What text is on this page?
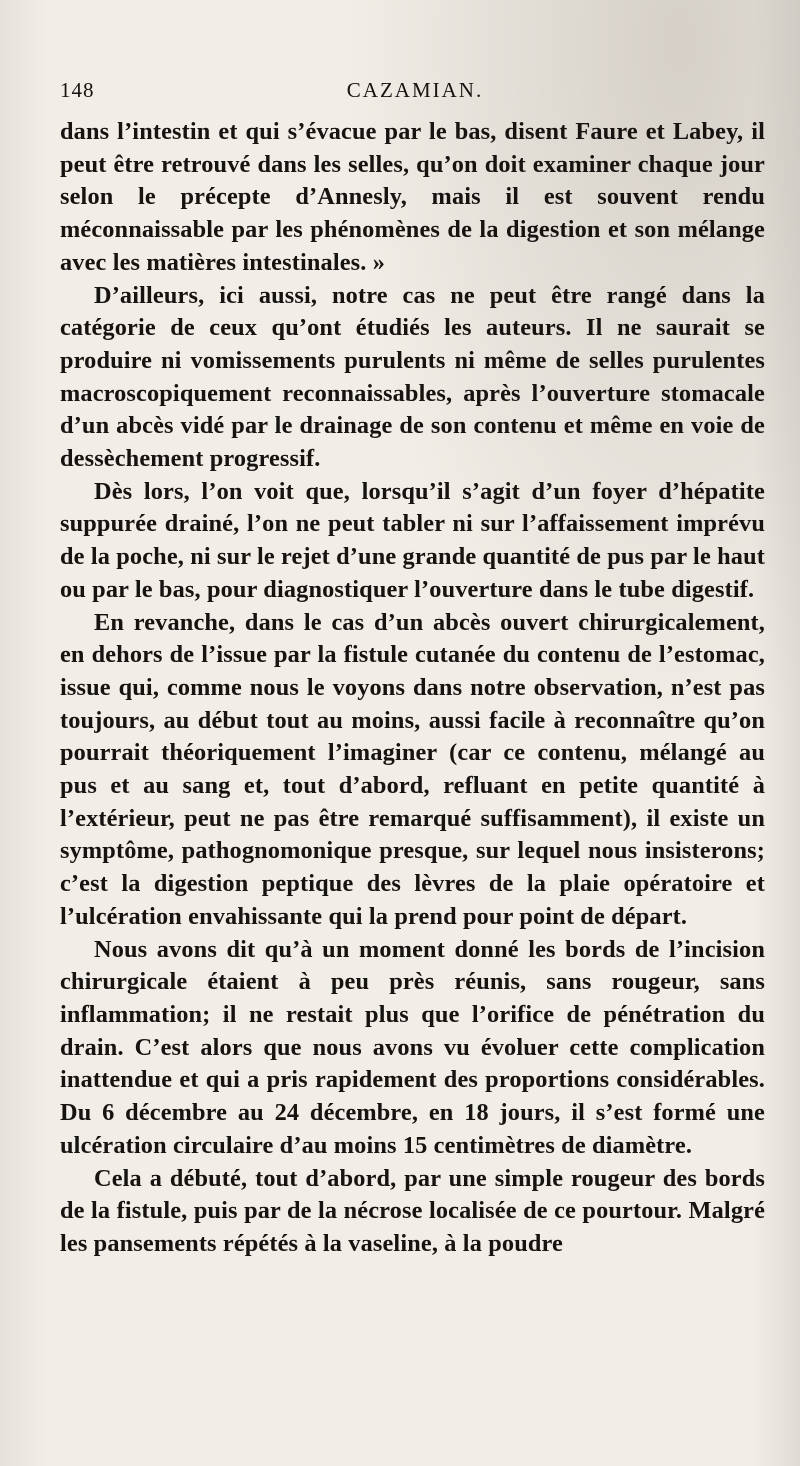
148	CAZAMIAN.

dans l’intestin et qui s’évacue par le bas, disent Faure et Labey, il peut être retrouvé dans les selles, qu’on doit examiner chaque jour selon le précepte d’Annesly, mais il est souvent rendu méconnaissable par les phénomènes de la digestion et son mélange avec les matières intestinales. »

D’ailleurs, ici aussi, notre cas ne peut être rangé dans la catégorie de ceux qu’ont étudiés les auteurs. Il ne saurait se produire ni vomissements purulents ni même de selles purulentes macroscopiquement reconnaissables, après l’ouverture stomacale d’un abcès vidé par le drainage de son contenu et même en voie de dessèchement progressif.

Dès lors, l’on voit que, lorsqu’il s’agit d’un foyer d’hépatite suppurée drainé, l’on ne peut tabler ni sur l’affaissement imprévu de la poche, ni sur le rejet d’une grande quantité de pus par le haut ou par le bas, pour diagnostiquer l’ouverture dans le tube digestif.

En revanche, dans le cas d’un abcès ouvert chirurgicalement, en dehors de l’issue par la fistule cutanée du contenu de l’estomac, issue qui, comme nous le voyons dans notre observation, n’est pas toujours, au début tout au moins, aussi facile à reconnaître qu’on pourrait théoriquement l’imaginer (car ce contenu, mélangé au pus et au sang et, tout d’abord, refluant en petite quantité à l’extérieur, peut ne pas être remarqué suffisamment), il existe un symptôme, pathognomonique presque, sur lequel nous insisterons; c’est la digestion peptique des lèvres de la plaie opératoire et l’ulcération envahissante qui la prend pour point de départ.

Nous avons dit qu’à un moment donné les bords de l’incision chirurgicale étaient à peu près réunis, sans rougeur, sans inflammation; il ne restait plus que l’orifice de pénétration du drain. C’est alors que nous avons vu évoluer cette complication inattendue et qui a pris rapidement des proportions considérables. Du 6 décembre au 24 décembre, en 18 jours, il s’est formé une ulcération circulaire d’au moins 15 centimètres de diamètre.

Cela a débuté, tout d’abord, par une simple rougeur des bords de la fistule, puis par de la nécrose localisée de ce pourtour. Malgré les pansements répétés à la vaseline, à la poudre
